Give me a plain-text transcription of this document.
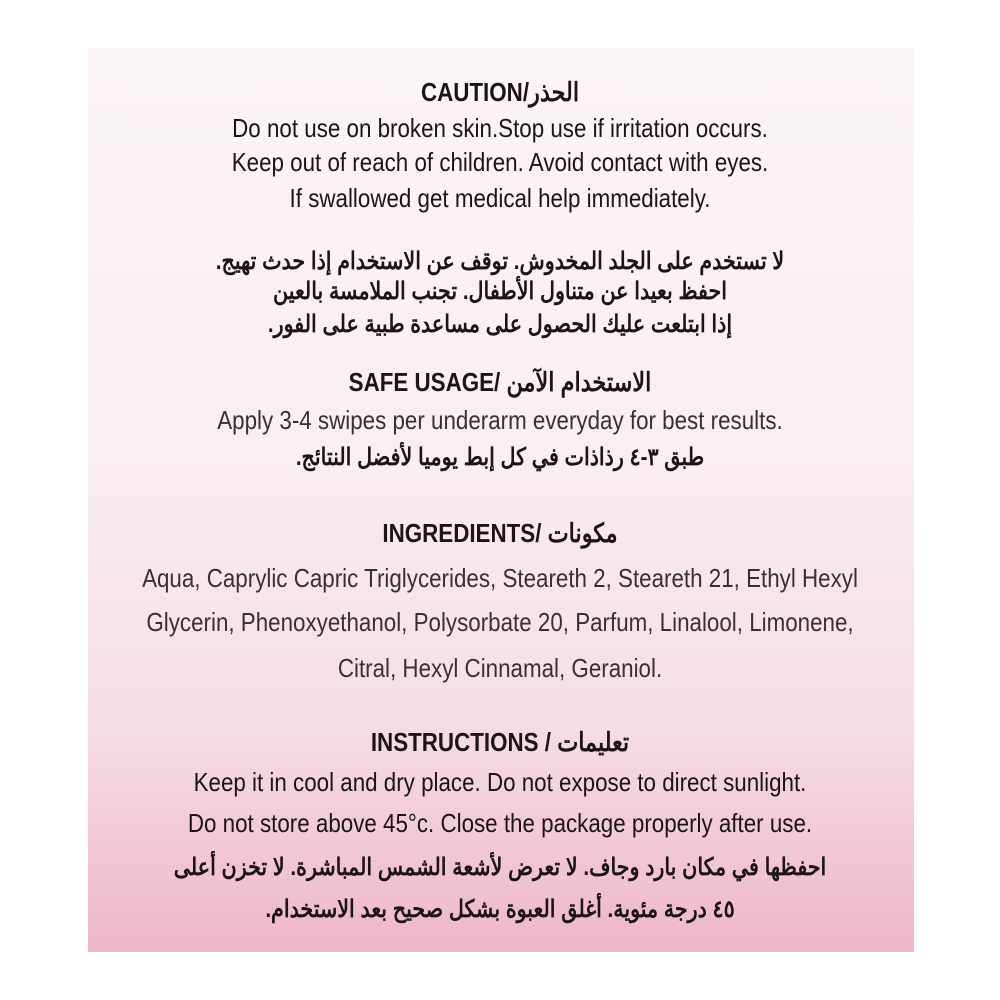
CAUTION/الحذر
Do not use on broken skin.Stop use if irritation occurs.
Keep out of reach of children. Avoid contact with eyes.
If swallowed get medical help immediately.
لا تستخدم على الجلد المخدوش. توقف عن الاستخدام إذا حدث تهيج.
احفظ بعيدا عن متناول الأطفال. تجنب الملامسة بالعين
إذا ابتلعت عليك الحصول على مساعدة طبية على الفور.
SAFE USAGE/ الاستخدام الآمن
Apply 3-4 swipes per underarm everyday for best results.
طبق ٣-٤ رذاذات في كل إبط يوميا لأفضل النتائج.
INGREDIENTS/ مكونات
Aqua, Caprylic Capric Triglycerides, Steareth 2, Steareth 21, Ethyl Hexyl
Glycerin, Phenoxyethanol, Polysorbate 20, Parfum, Linalool, Limonene,
Citral, Hexyl Cinnamal, Geraniol.
INSTRUCTIONS / تعليمات
Keep it in cool and dry place. Do not expose to direct sunlight.
Do not store above 45°c. Close the package properly after use.
احفظها في مكان بارد وجاف. لا تعرض لأشعة الشمس المباشرة. لا تخزن أعلى
٤٥ درجة مئوية. أغلق العبوة بشكل صحيح بعد الاستخدام.
